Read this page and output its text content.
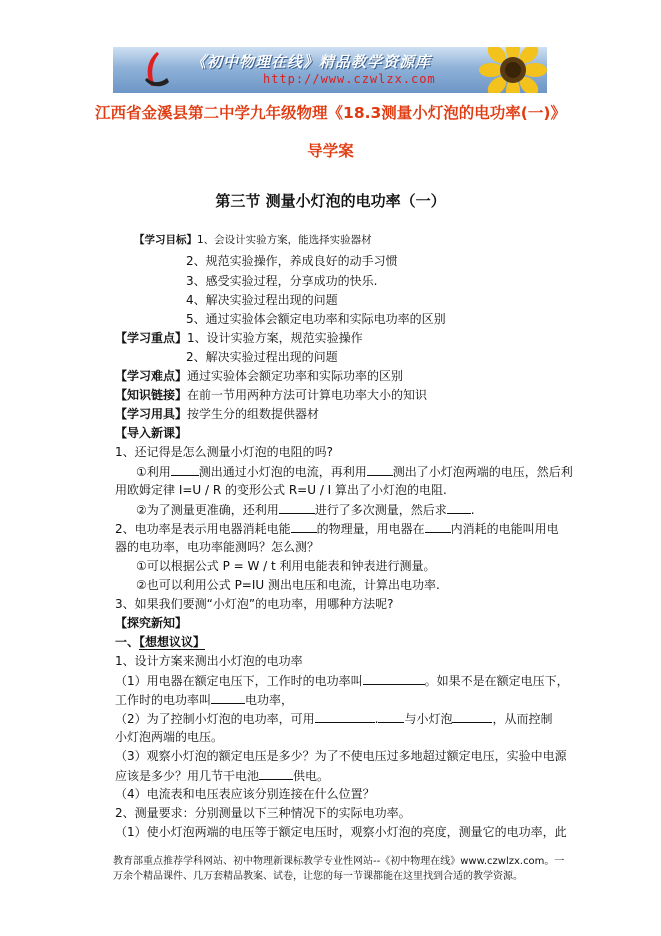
《初中物理在线》精品教学资源库
http://www.czwlzx.com
江西省金溪县第二中学九年级物理《18.3测量小灯泡的电功率(一)》
导学案
第三节 测量小灯泡的电功率（一）
【学习目标】1、会设计实验方案，能选择实验器材
2、规范实验操作，养成良好的动手习惯
3、感受实验过程，分享成功的快乐.
4、解决实验过程出现的问题
5、通过实验体会额定电功率和实际电功率的区别
【学习重点】1、设计实验方案，规范实验操作
2、解决实验过程出现的问题
【学习难点】通过实验体会额定功率和实际功率的区别
【知识链接】在前一节用两种方法可计算电功率大小的知识
【学习用具】按学生分的组数提供器材
【导入新课】
1、还记得是怎么测量小灯泡的电阻的吗?
①利用 测出通过小灯泡的电流，再利用 测出了小灯泡两端的电压，然后利
用欧姆定律 I=U / R 的变形公式 R=U / I 算出了小灯泡的电阻.
②为了测量更准确，还利用	进行了多次测量，然后求 .
2、电功率是表示用电器消耗电能 的物理量，用电器在 内消耗的电能叫用电
器的电功率，电功率能测吗？怎么测？
①可以根据公式 P = W / t 利用电能表和钟表进行测量。
②也可以利用公式 P=IU 测出电压和电流，计算出电功率.
3、如果我们要测“小灯泡”的电功率，用哪种方法呢?
【探究新知】
一、【想想议议】
1、设计方案来测出小灯泡的电功率
（1）用电器在额定电压下，工作时的电功率叫	。如果不是在额定电压下，
工作时的电功率叫	电功率，
（2）为了控制小灯泡的电功率，可用	. 与小灯泡	，从而控制
小灯泡两端的电压。
（3）观察小灯泡的额定电压是多少？为了不使电压过多地超过额定电压，实验中电源
应该是多少？用几节干电池	供电。
（4）电流表和电压表应该分别连接在什么位置？
2、测量要求：分别测量以下三种情况下的实际电功率。
（1）使小灯泡两端的电压等于额定电压时，观察小灯泡的亮度，测量它的电功率，此
教育部重点推荐学科网站、初中物理新课标教学专业性网站--《初中物理在线》www.czwlzx.com。一
万余个精品课件、几万套精品教案、试卷，让您的每一节课都能在这里找到合适的教学资源。
